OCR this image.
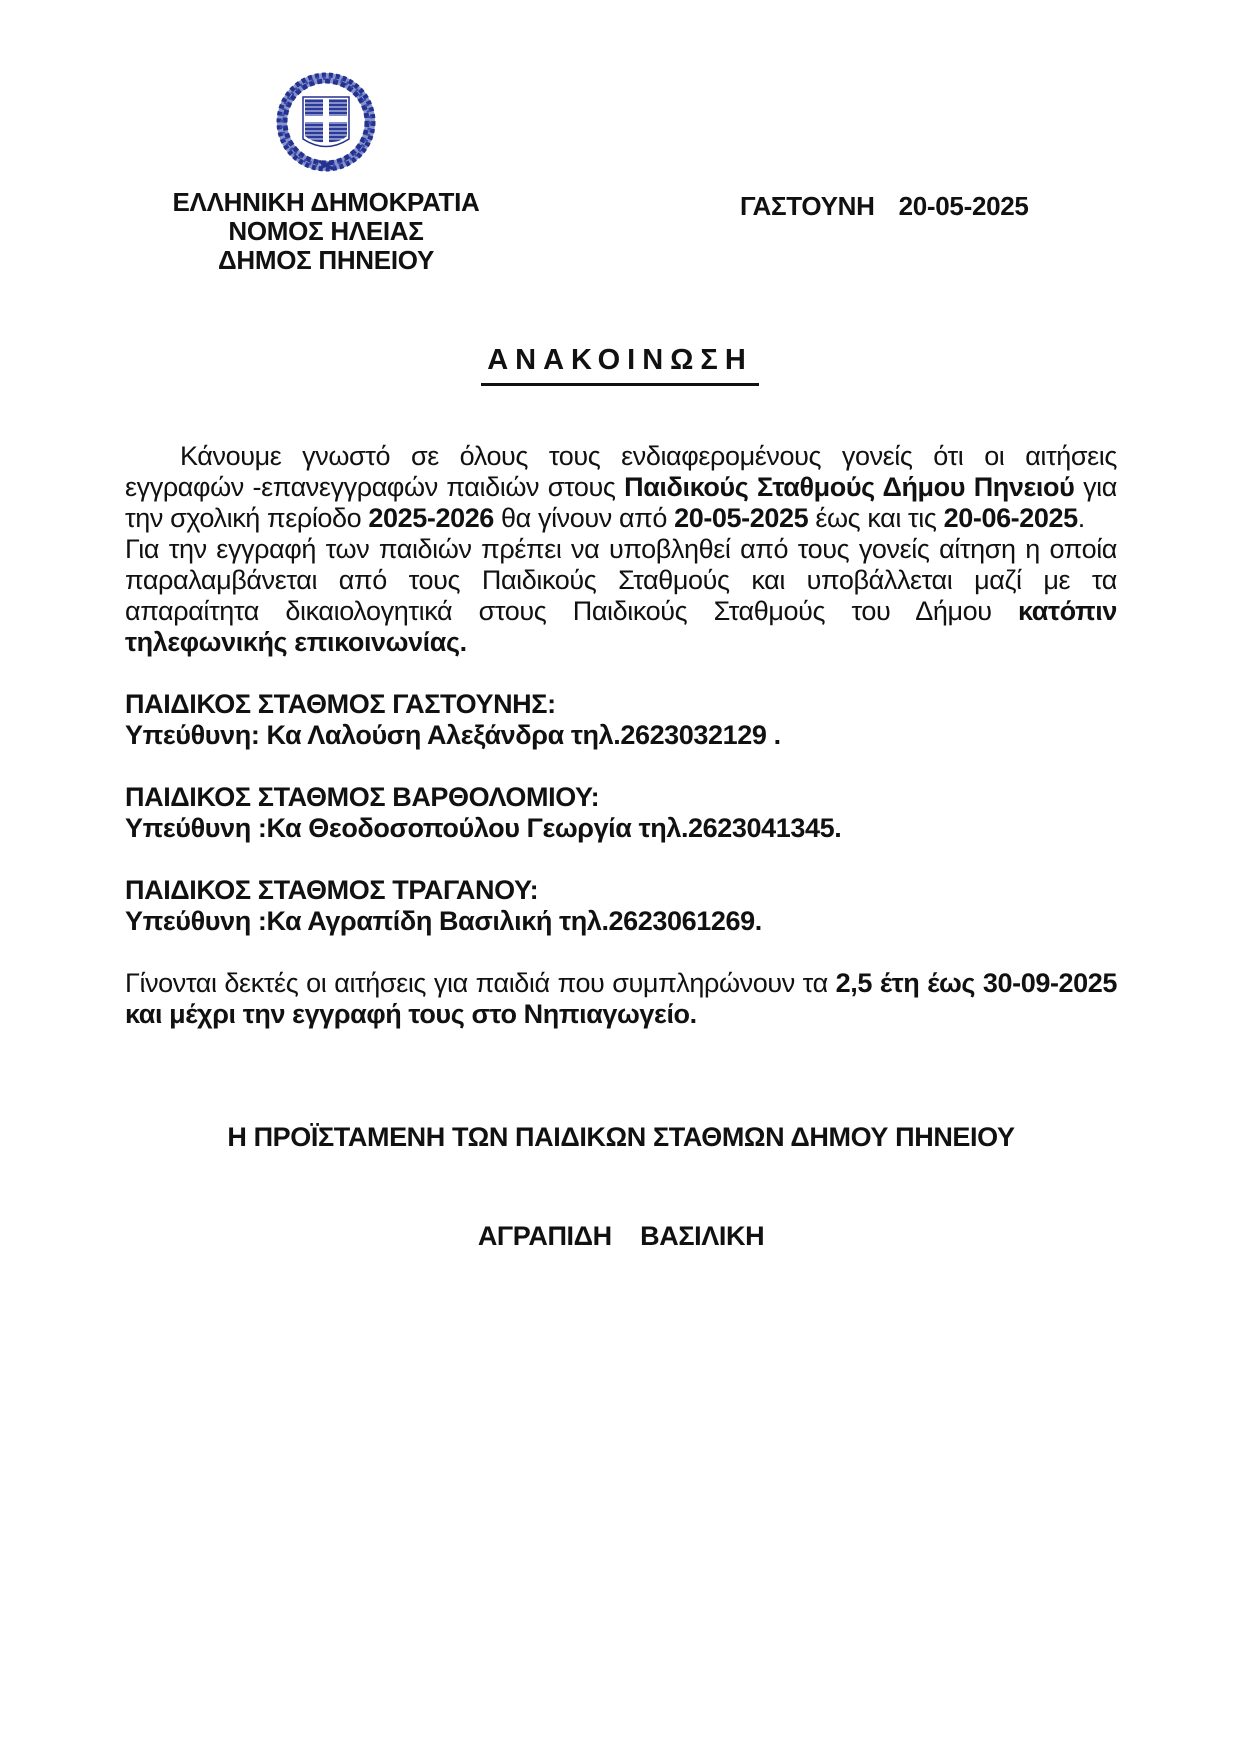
ΕΛΛΗΝΙΚΗ ΔΗΜΟΚΡΑΤΙΑ
ΝΟΜΟΣ ΗΛΕΙΑΣ
ΔΗΜΟΣ ΠΗΝΕΙΟΥ
ΓΑΣΤΟΥΝΗ 20-05-2025
ΑΝΑΚΟΙΝΩΣΗ
Κάνουμε γνωστό σε όλους τους ενδιαφερομένους γονείς ότι οι αιτήσεις εγγραφών -επανεγγραφών παιδιών στους Παιδικούς Σταθμούς Δήμου Πηνειού για την σχολική περίοδο 2025-2026 θα γίνουν από 20-05-2025 έως και τις 20-06-2025.
Για την εγγραφή των παιδιών πρέπει να υποβληθεί από τους γονείς αίτηση η οποία παραλαμβάνεται από τους Παιδικούς Σταθμούς και υποβάλλεται μαζί με τα απαραίτητα δικαιολογητικά στους Παιδικούς Σταθμούς του Δήμου κατόπιν τηλεφωνικής επικοινωνίας.
ΠΑΙΔΙΚΟΣ ΣΤΑΘΜΟΣ ΓΑΣΤΟΥΝΗΣ:
Υπεύθυνη: Κα Λαλούση Αλεξάνδρα τηλ.2623032129 .
ΠΑΙΔΙΚΟΣ ΣΤΑΘΜΟΣ ΒΑΡΘΟΛΟΜΙΟΥ:
Υπεύθυνη :Κα Θεοδοσοπούλου Γεωργία τηλ.2623041345.
ΠΑΙΔΙΚΟΣ ΣΤΑΘΜΟΣ ΤΡΑΓΑΝΟΥ:
Υπεύθυνη :Κα Αγραπίδη Βασιλική τηλ.2623061269.
Γίνονται δεκτές οι αιτήσεις για παιδιά που συμπληρώνουν τα 2,5 έτη έως 30-09-2025 και μέχρι την εγγραφή τους στο Νηπιαγωγείο.
Η ΠΡΟΪΣΤΑΜΕΝΗ ΤΩΝ ΠΑΙΔΙΚΩΝ ΣΤΑΘΜΩΝ ΔΗΜΟΥ ΠΗΝΕΙΟΥ
ΑΓΡΑΠΙΔΗ    ΒΑΣΙΛΙΚΗ
